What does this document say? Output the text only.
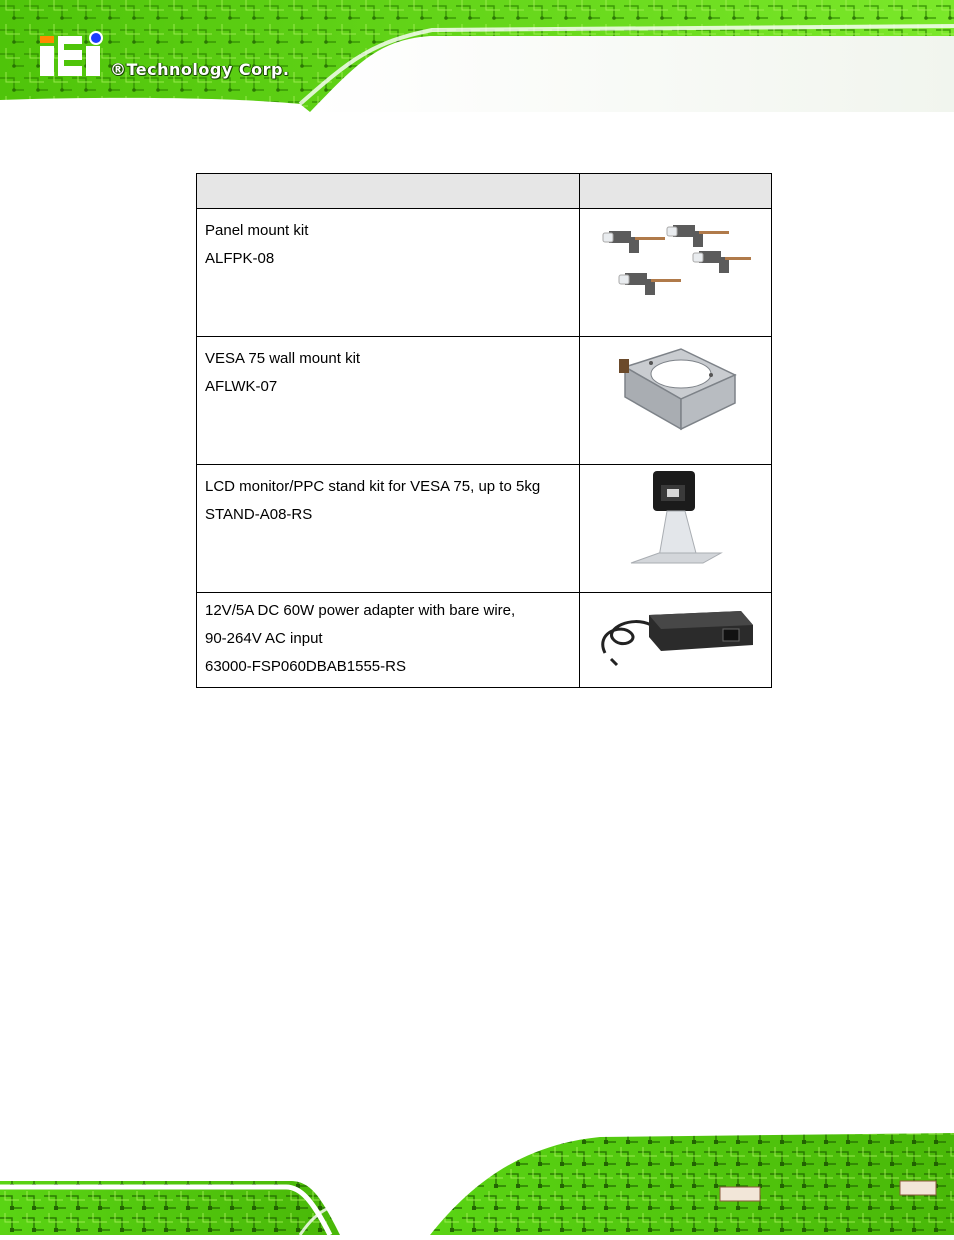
®Technology Corp.

Panel mount kit
ALFPK-08

VESA 75 wall mount kit
AFLWK-07

LCD monitor/PPC stand kit for VESA 75, up to 5kg
STAND-A08-RS

12V/5A DC 60W power adapter with bare wire,
90-264V AC input
63000-FSP060DBAB1555-RS
